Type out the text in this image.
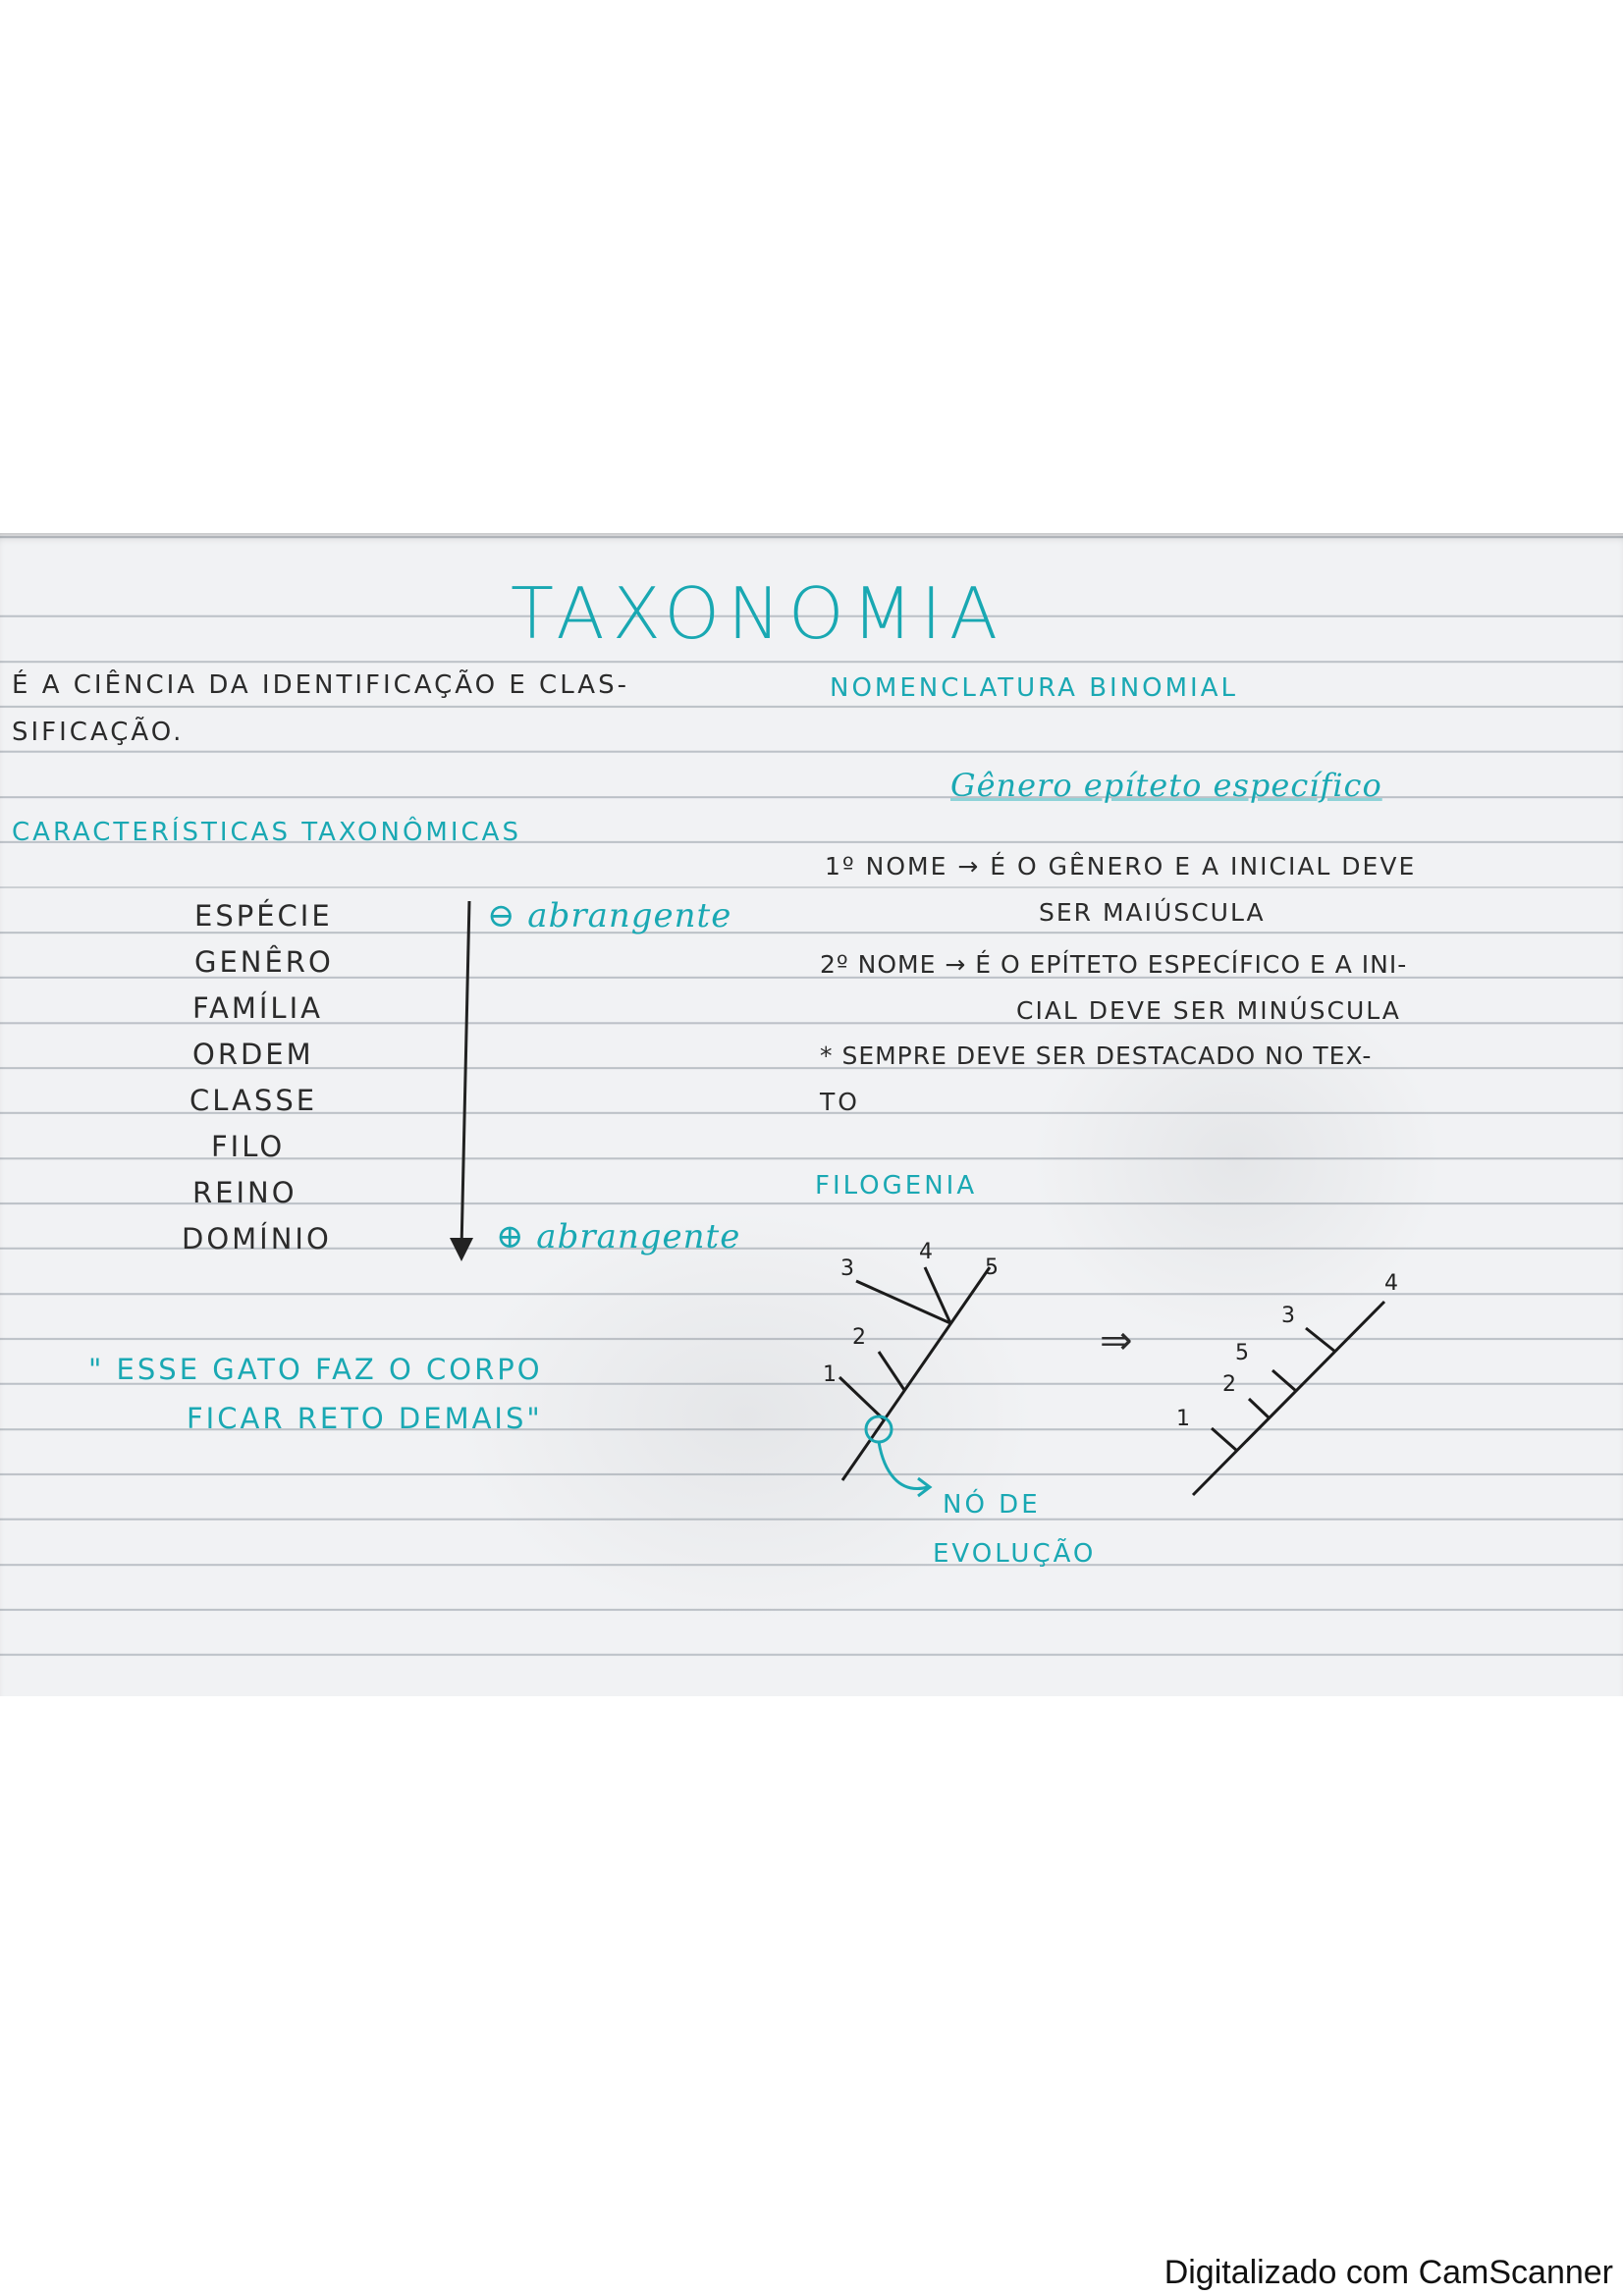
TAXONOMIA
É A CIÊNCIA DA IDENTIFICAÇÃO E CLAS-
SIFICAÇÃO.
CARACTERÍSTICAS TAXONÔMICAS
ESPÉCIE
GENÊRO
FAMÍLIA
ORDEM
CLASSE
FILO
REINO
DOMÍNIO
⊖ abrangente
⊕ abrangente
" ESSE GATO FAZ O CORPO
FICAR RETO DEMAIS"
NOMENCLATURA BINOMIAL
Gênero epíteto específico
1º NOME → É O GÊNERO E A INICIAL DEVE
SER MAIÚSCULA
2º NOME → É O EPÍTETO ESPECÍFICO E A INI-
CIAL DEVE SER MINÚSCULA
* SEMPRE DEVE SER DESTACADO NO TEX-
TO
FILOGENIA
1
2
3
4
5
1
2
5
3
4
⇒
NÓ DE
EVOLUÇÃO
Digitalizado com CamScanner
